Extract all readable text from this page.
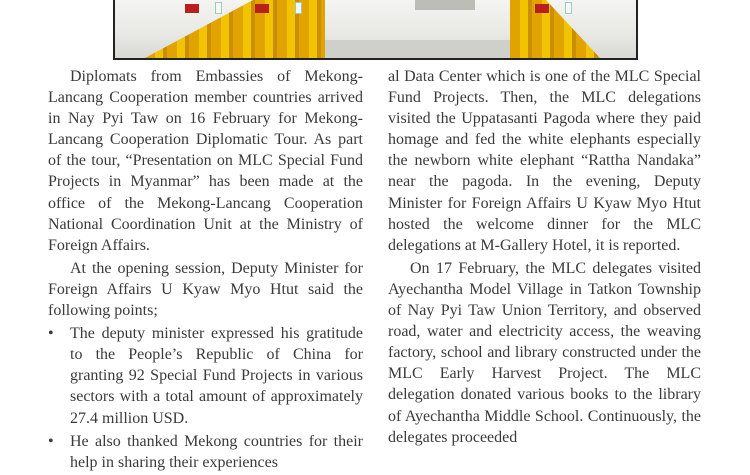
Diplomats from Embassies of Mekong-Lancang Cooperation member countries arrived in Nay Pyi Taw on 16 February for Mekong-Lancang Cooperation Diplomatic Tour. As part of the tour, “Presentation on MLC Special Fund Projects in Myanmar” has been made at the office of the Mekong-Lancang Cooperation National Coordination Unit at the Ministry of Foreign Affairs.

At the opening session, Deputy Minister for Foreign Affairs U Kyaw Myo Htut said the following points;

• The deputy minister expressed his gratitude to the People’s Republic of China for granting 92 Special Fund Projects in various sectors with a total amount of approximately 27.4 million USD.
• He also thanked Mekong countries for their help in sharing their experiences

al Data Center which is one of the MLC Special Fund Projects. Then, the MLC delegations visited the Uppatasanti Pagoda where they paid homage and fed the white elephants especially the newborn white elephant “Rattha Nandaka” near the pagoda. In the evening, Deputy Minister for Foreign Affairs U Kyaw Myo Htut hosted the welcome dinner for the MLC delegations at M-Gallery Hotel, it is reported.

On 17 February, the MLC delegates visited Ayechantha Model Village in Tatkon Township of Nay Pyi Taw Union Territory, and observed road, water and electricity access, the weaving factory, school and library constructed under the MLC Early Harvest Project. The MLC delegation donated various books to the library of Ayechantha Middle School. Continuously, the delegates proceeded
